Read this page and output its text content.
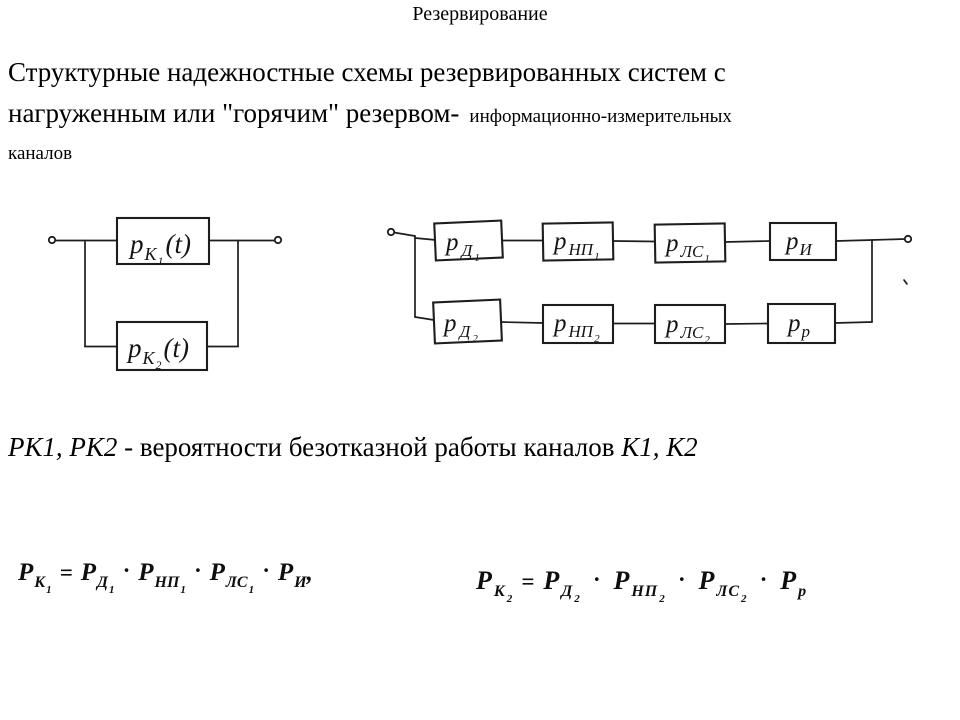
Резервирование
Структурные надежностные схемы резервированных систем с
нагруженным или "горячим" резервом- информационно-измерительных
каналов
$p_К1(t)$
$p_К2(t)$
p $_Д$ $_1$
p $_{НП1}$	p $_{ЛС1}$
$p_И$
p $_Д$ $_2$
p $_{НП2}$
p $_{ЛС2}$
$p_р$
РК1, РК2 - вероятности безотказной работы каналов К1, К2
$PК_1= PД_1\cdot PНП_1\cdot PЛС_1\cdot$ PИ,	$PК_2= PД_2\cdot PНП_2\cdot PЛС_2\cdot$ Pр
